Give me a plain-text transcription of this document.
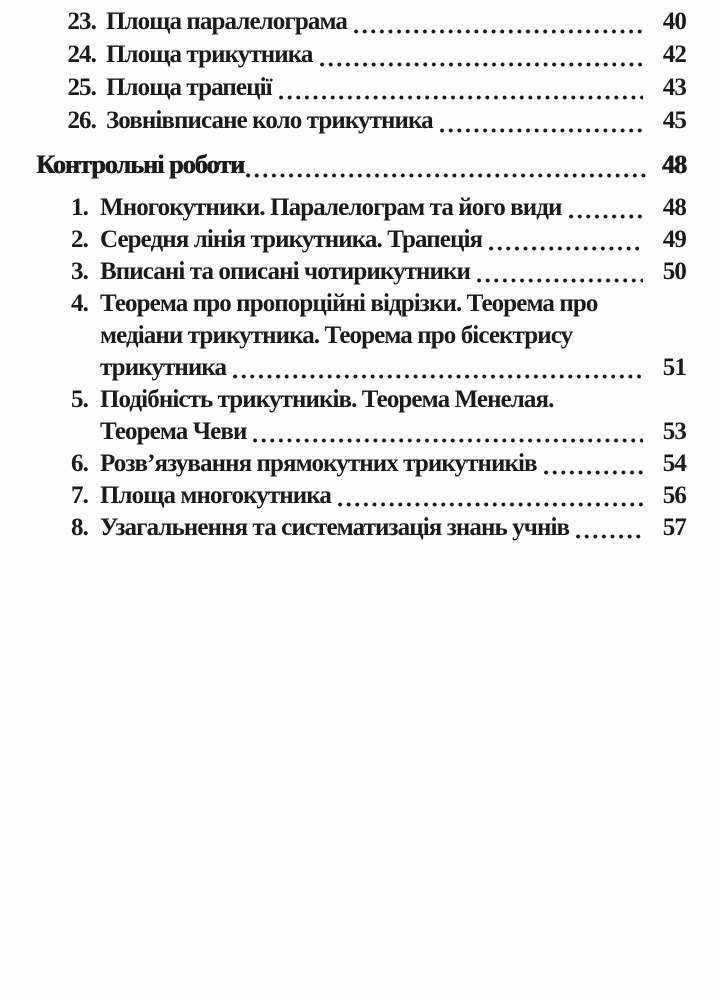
23. Площа паралелограма	40
24. Площа трикутника	42
25. Площа трапеції	43
26. Зовнівписане коло трикутника	45
Контрольні роботи	48
1. Многокутники. Паралелограм та його види	48
2. Середня лінія трикутника. Трапеція	49
3. Вписані та описані чотирикутники	50
4. Теорема про пропорційні відрізки. Теорема про
медіани трикутника. Теорема про бісектрису
трикутника	51
5. Подібність трикутників. Теорема Менелая.
Теорема Чеви	53
6. Розв’язування прямокутних трикутників	54
7. Площа многокутника	56
8. Узагальнення та систематизація знань учнів	57
